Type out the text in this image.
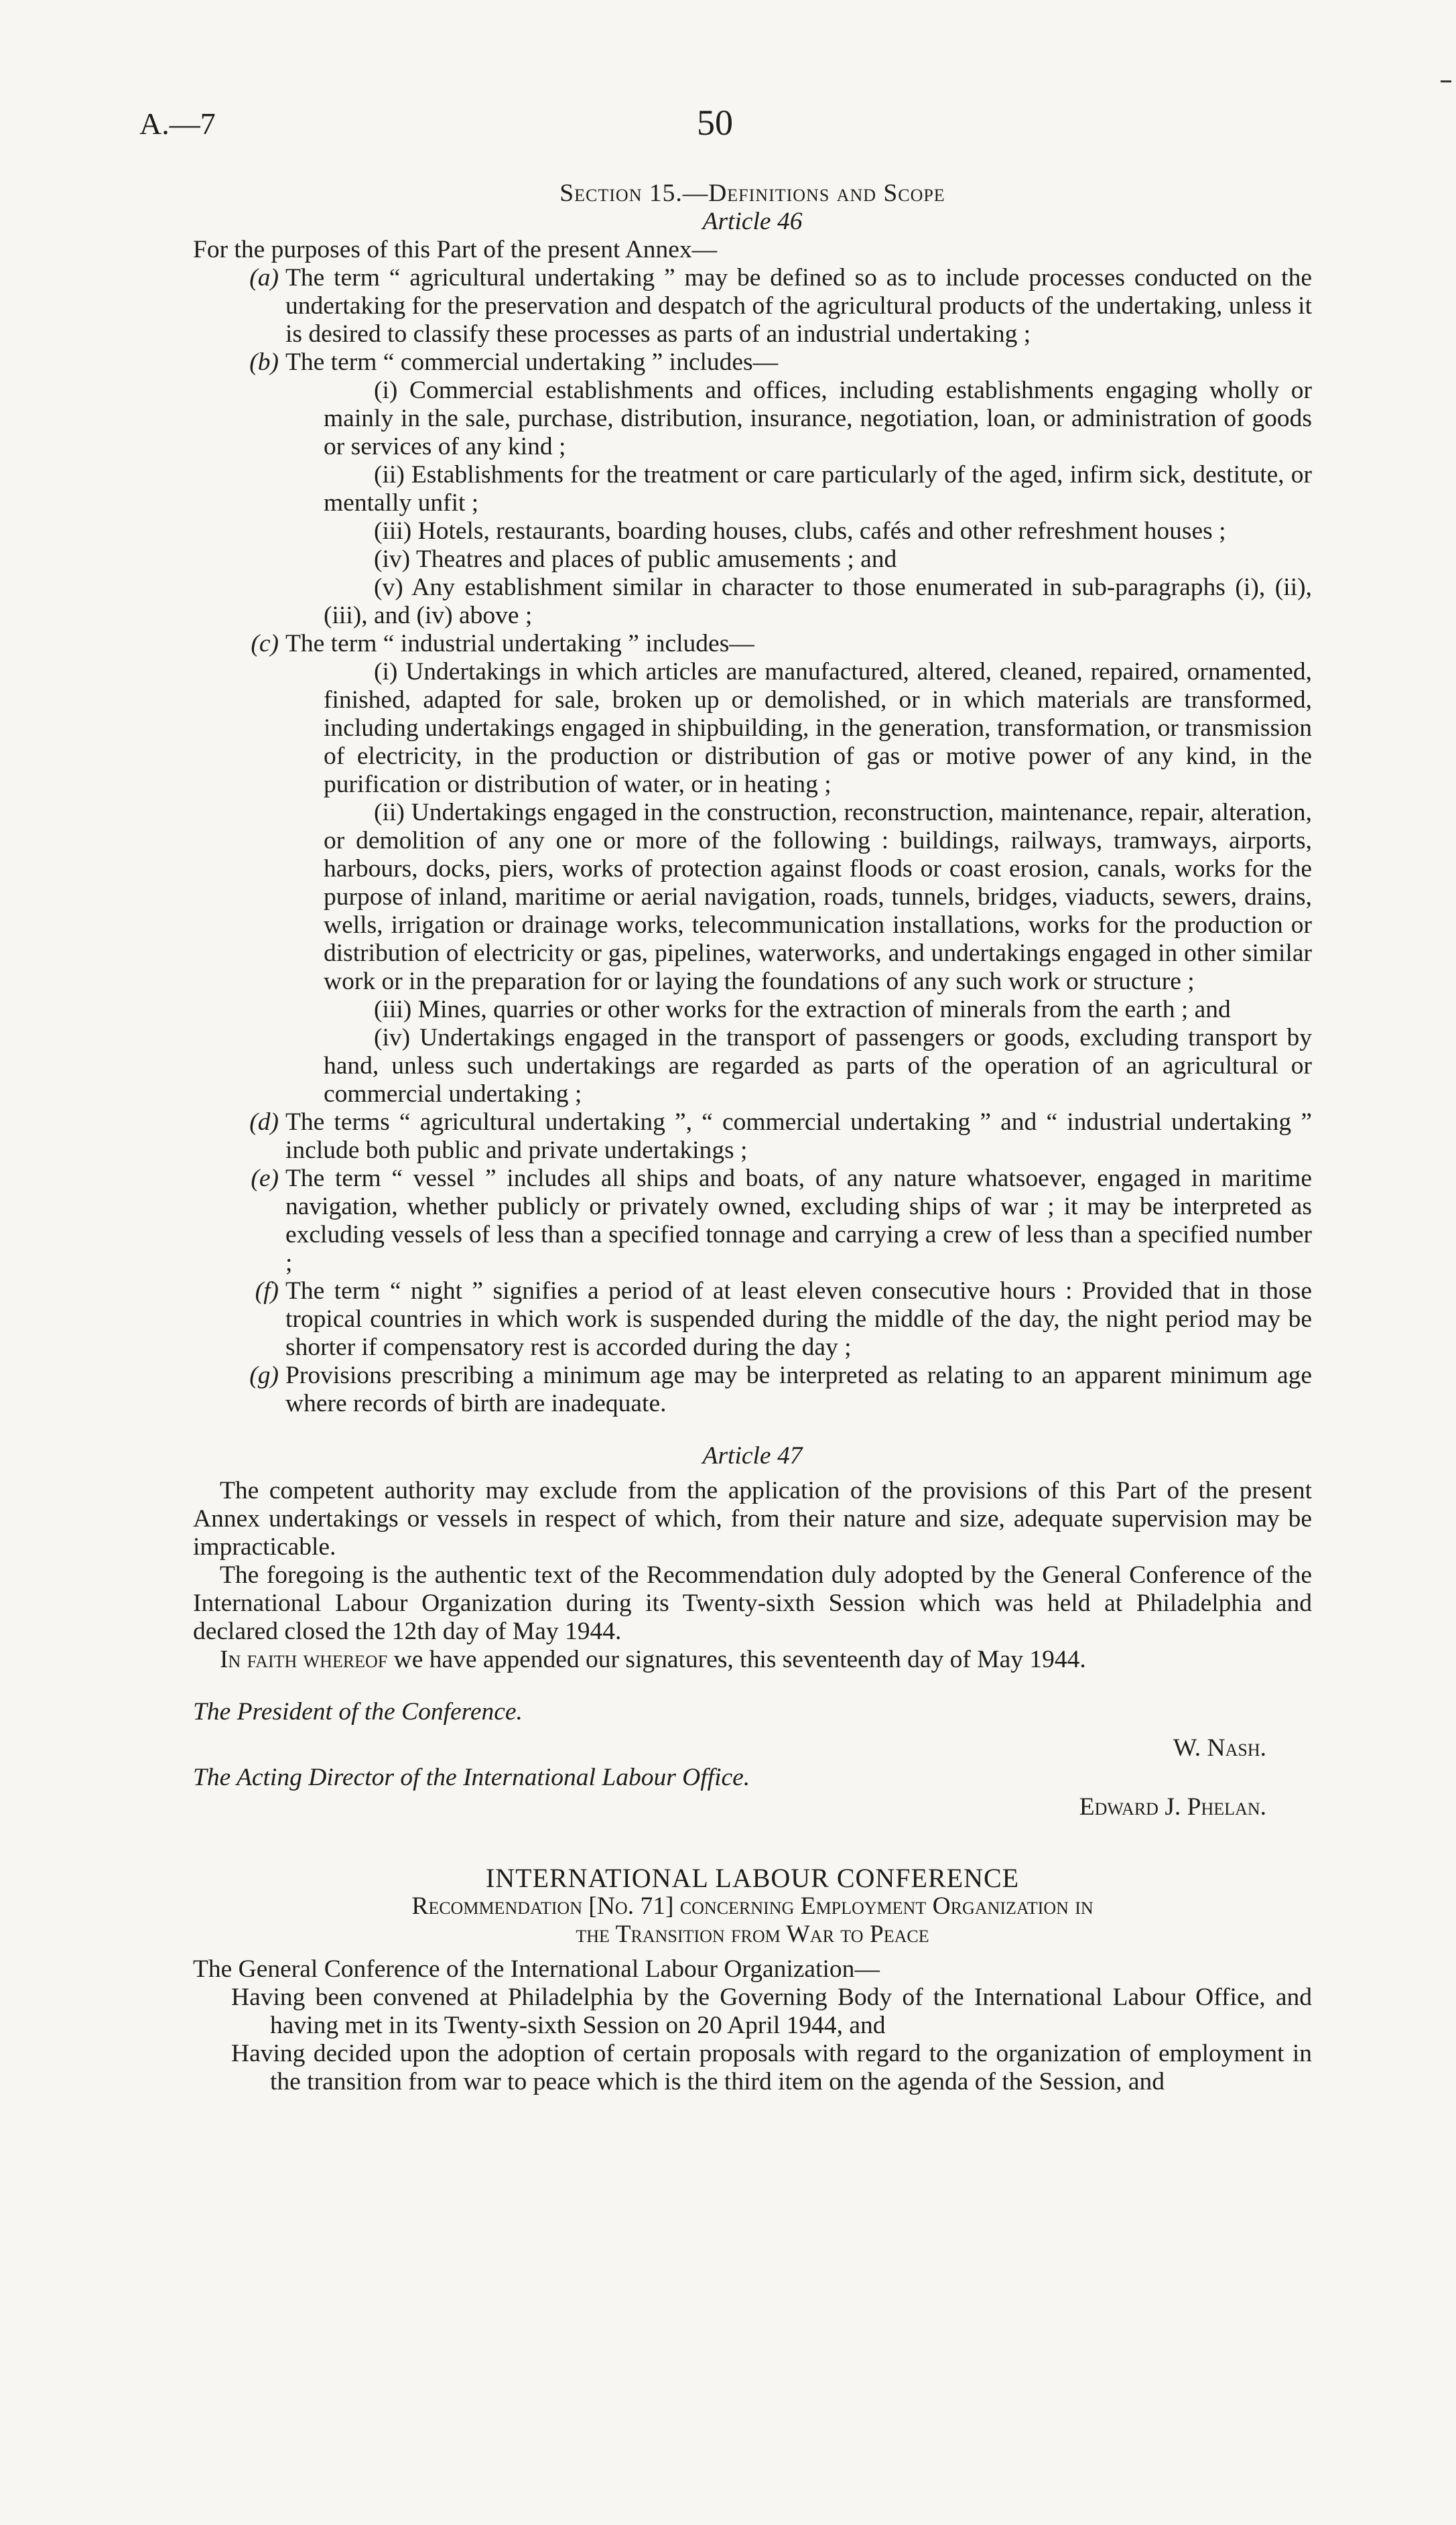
A.—7	50
Section 15.—Definitions and Scope
Article 46

For the purposes of this Part of the present Annex—

(a) The term “ agricultural undertaking ” may be defined so as to include processes conducted on the undertaking for the preservation and despatch of the agricultural products of the undertaking, unless it is desired to classify these processes as parts of an industrial undertaking ;
(b) The term “ commercial undertaking ” includes—

(i) Commercial establishments and offices, including establishments engaging wholly or mainly in the sale, purchase, distribution, insurance, negotiation, loan, or administration of goods or services of any kind ;

(ii) Establishments for the treatment or care particularly of the aged, infirm sick, destitute, or mentally unfit ;

(iii) Hotels, restaurants, boarding houses, clubs, cafés and other refreshment houses ;

(iv) Theatres and places of public amusements ; and

(v) Any establishment similar in character to those enumerated in sub-paragraphs (i), (ii), (iii), and (iv) above ;

(c) The term “ industrial undertaking ” includes—

(i) Undertakings in which articles are manufactured, altered, cleaned, repaired, ornamented, finished, adapted for sale, broken up or demolished, or in which materials are transformed, including undertakings engaged in shipbuilding, in the generation, transformation, or transmission of electricity, in the production or distribution of gas or motive power of any kind, in the purification or distribution of water, or in heating ;

(ii) Undertakings engaged in the construction, reconstruction, maintenance, repair, alteration, or demolition of any one or more of the following : buildings, railways, tramways, airports, harbours, docks, piers, works of protection against floods or coast erosion, canals, works for the purpose of inland, maritime or aerial navigation, roads, tunnels, bridges, viaducts, sewers, drains, wells, irrigation or drainage works, telecommunication installations, works for the production or distribution of electricity or gas, pipelines, waterworks, and undertakings engaged in other similar work or in the preparation for or laying the foundations of any such work or structure ;

(iii) Mines, quarries or other works for the extraction of minerals from the earth ; and

(iv) Undertakings engaged in the transport of passengers or goods, excluding transport by hand, unless such undertakings are regarded as parts of the operation of an agricultural or commercial undertaking ;

(d) The terms “ agricultural undertaking ”, “ commercial undertaking ” and “ industrial undertaking ” include both public and private undertakings ;
(e) The term “ vessel ” includes all ships and boats, of any nature whatsoever, engaged in maritime navigation, whether publicly or privately owned, excluding ships of war ; it may be interpreted as excluding vessels of less than a specified tonnage and carrying a crew of less than a specified number ;
(f) The term “ night ” signifies a period of at least eleven consecutive hours : Provided that in those tropical countries in which work is suspended during the middle of the day, the night period may be shorter if compensatory rest is accorded during the day ;
(g) Provisions prescribing a minimum age may be interpreted as relating to an apparent minimum age where records of birth are inadequate.
Article 47

The competent authority may exclude from the application of the provisions of this Part of the present Annex undertakings or vessels in respect of which, from their nature and size, adequate supervision may be impracticable.

The foregoing is the authentic text of the Recommendation duly adopted by the General Conference of the International Labour Organization during its Twenty-sixth Session which was held at Philadelphia and declared closed the 12th day of May 1944.

In faith whereof we have appended our signatures, this seventeenth day of May 1944.

The President of the Conference.
W. Nash.
The Acting Director of the International Labour Office.
Edward J. Phelan.
INTERNATIONAL LABOUR CONFERENCE
Recommendation [No. 71] concerning Employment Organization in
the Transition from War to Peace

The General Conference of the International Labour Organization—

Having been convened at Philadelphia by the Governing Body of the International Labour Office, and having met in its Twenty-sixth Session on 20 April 1944, and

Having decided upon the adoption of certain proposals with regard to the organization of employment in the transition from war to peace which is the third item on the agenda of the Session, and
